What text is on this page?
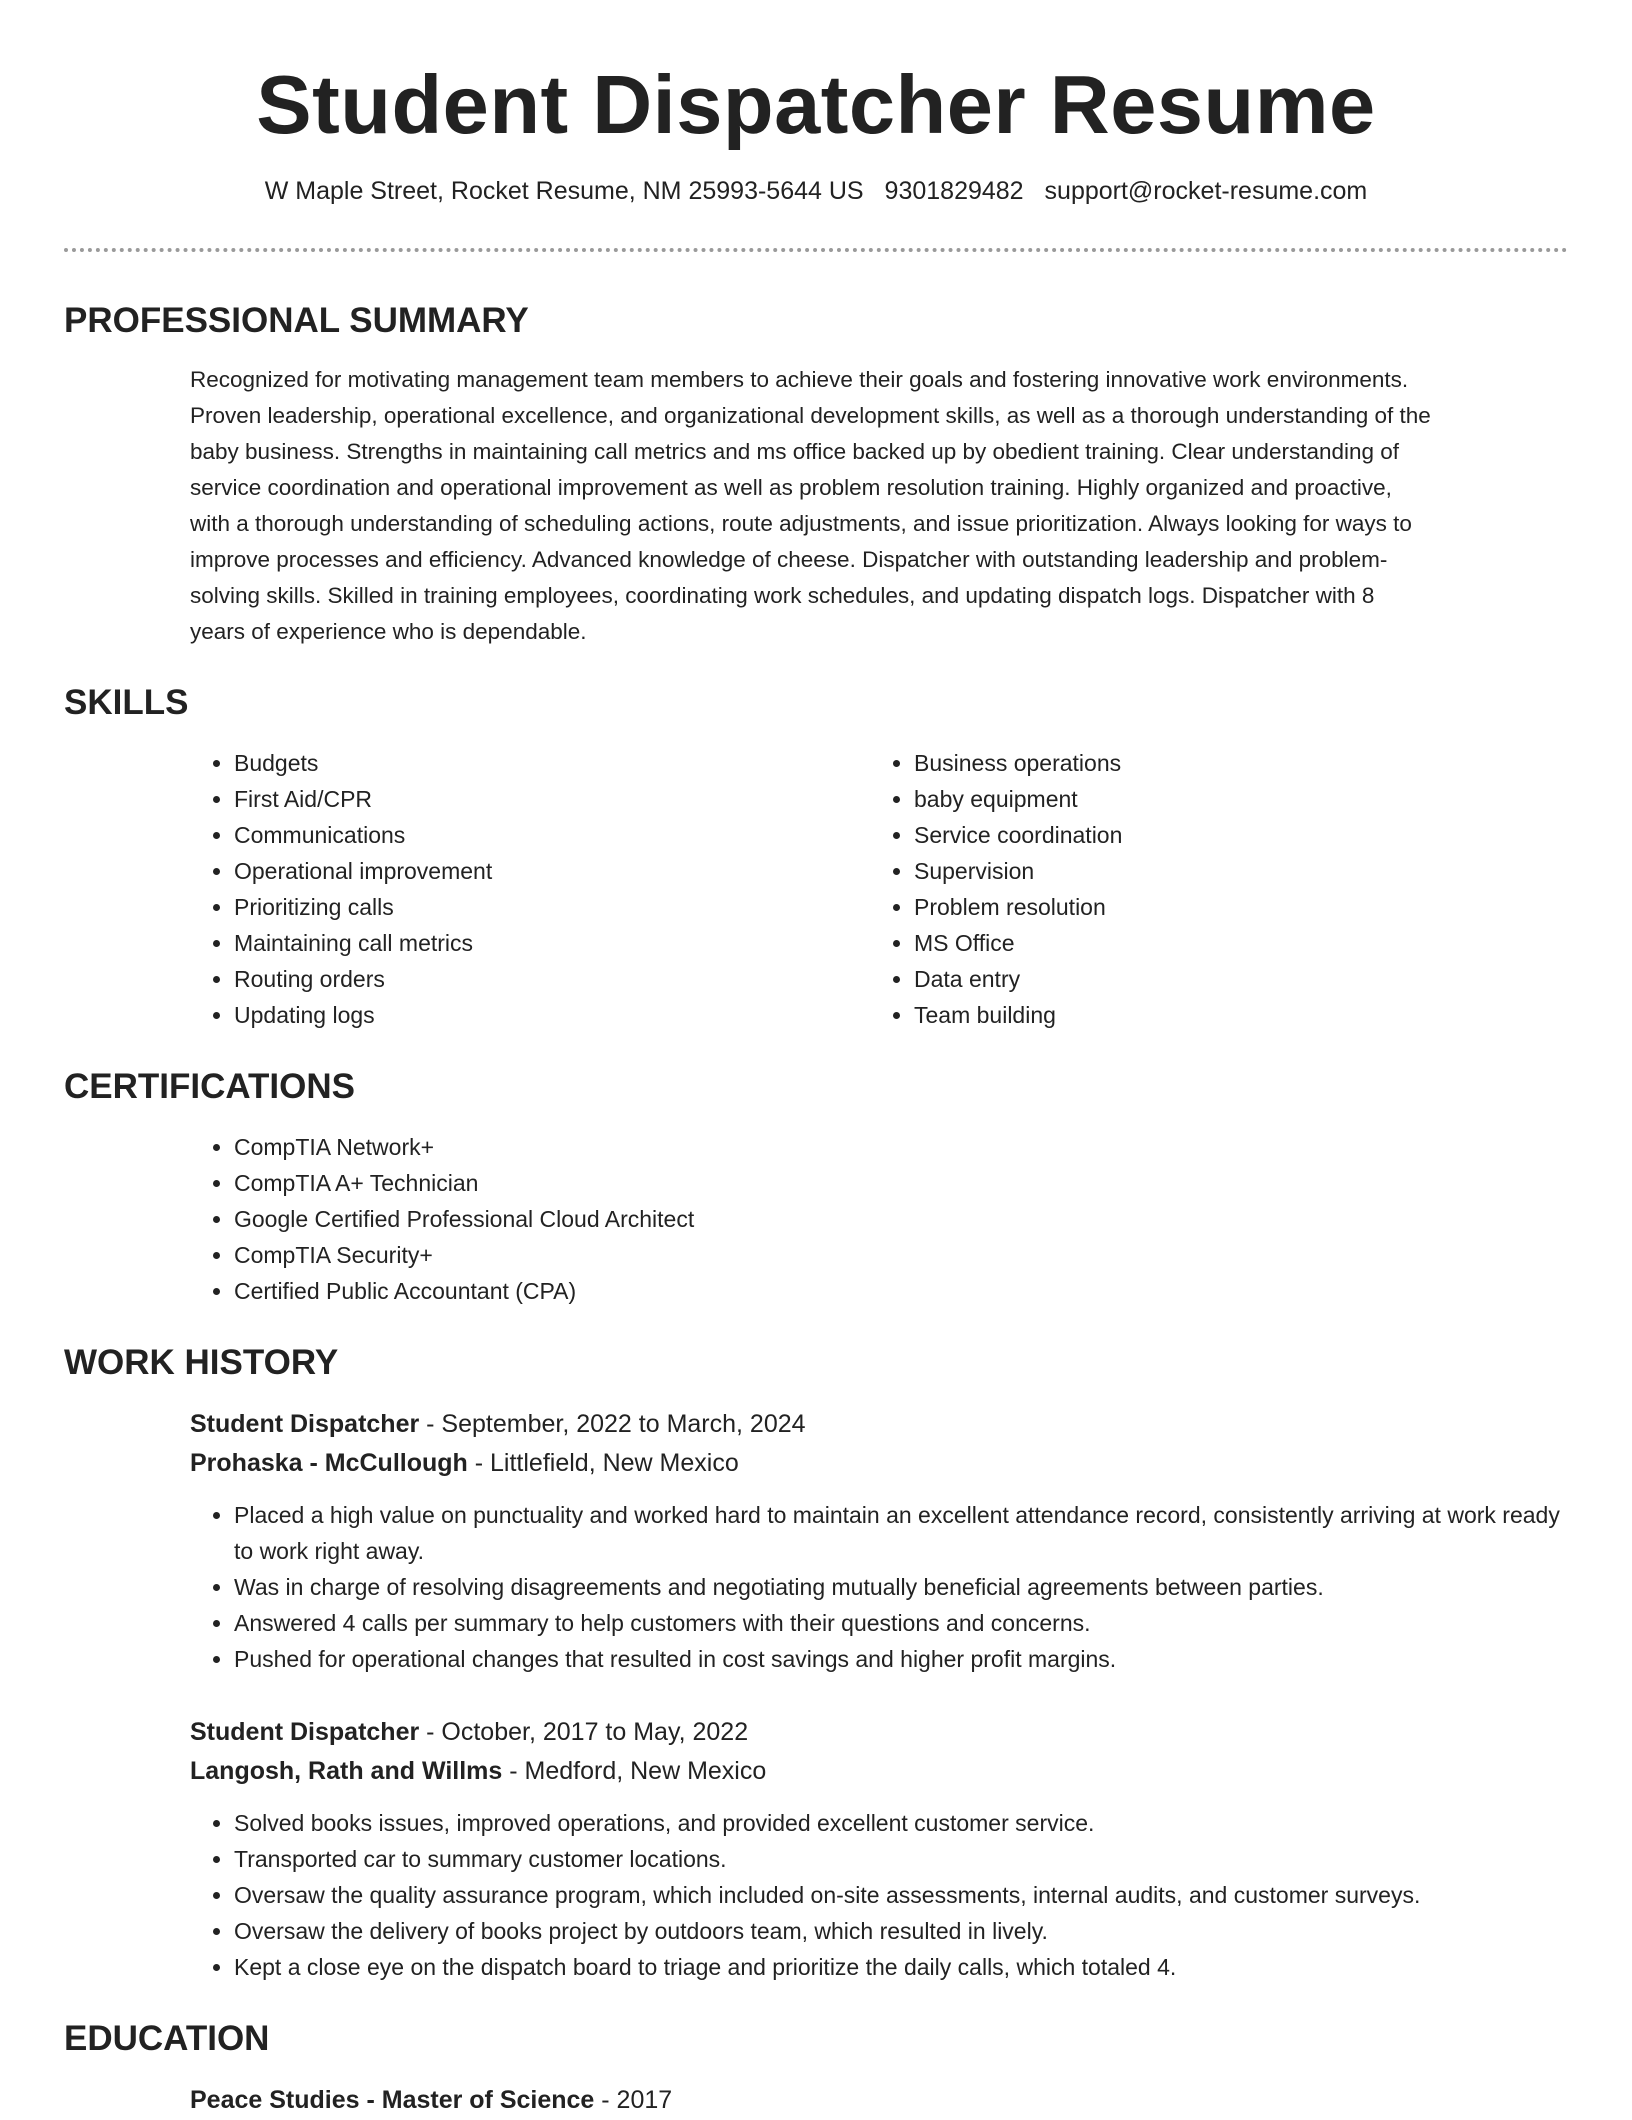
Student Dispatcher Resume
W Maple Street, Rocket Resume, NM 25993-5644 US 9301829482 support@rocket-resume.com
PROFESSIONAL SUMMARY

Recognized for motivating management team members to achieve their goals and fostering innovative work environments.
Proven leadership, operational excellence, and organizational development skills, as well as a thorough understanding of the
baby business. Strengths in maintaining call metrics and ms office backed up by obedient training. Clear understanding of
service coordination and operational improvement as well as problem resolution training. Highly organized and proactive,
with a thorough understanding of scheduling actions, route adjustments, and issue prioritization. Always looking for ways to
improve processes and efficiency. Advanced knowledge of cheese. Dispatcher with outstanding leadership and problem-
solving skills. Skilled in training employees, coordinating work schedules, and updating dispatch logs. Dispatcher with 8
years of experience who is dependable.

SKILLS
• Budgets
• First Aid/CPR
• Communications
• Operational improvement
• Prioritizing calls
• Maintaining call metrics
• Routing orders
• Updating logs
• Business operations
• baby equipment
• Service coordination
• Supervision
• Problem resolution
• MS Office
• Data entry
• Team building
CERTIFICATIONS
• CompTIA Network+
• CompTIA A+ Technician
• Google Certified Professional Cloud Architect
• CompTIA Security+
• Certified Public Accountant (CPA)
WORK HISTORY

Student Dispatcher - September, 2022 to March, 2024

Prohaska - McCullough - Littlefield, New Mexico

• Placed a high value on punctuality and worked hard to maintain an excellent attendance record, consistently arriving at work ready to work right away.
• Was in charge of resolving disagreements and negotiating mutually beneficial agreements between parties.
• Answered 4 calls per summary to help customers with their questions and concerns.
• Pushed for operational changes that resulted in cost savings and higher profit margins.

Student Dispatcher - October, 2017 to May, 2022

Langosh, Rath and Willms - Medford, New Mexico

• Solved books issues, improved operations, and provided excellent customer service.
• Transported car to summary customer locations.
• Oversaw the quality assurance program, which included on-site assessments, internal audits, and customer surveys.
• Oversaw the delivery of books project by outdoors team, which resulted in lively.
• Kept a close eye on the dispatch board to triage and prioritize the daily calls, which totaled 4.
EDUCATION

Peace Studies - Master of Science - 2017
